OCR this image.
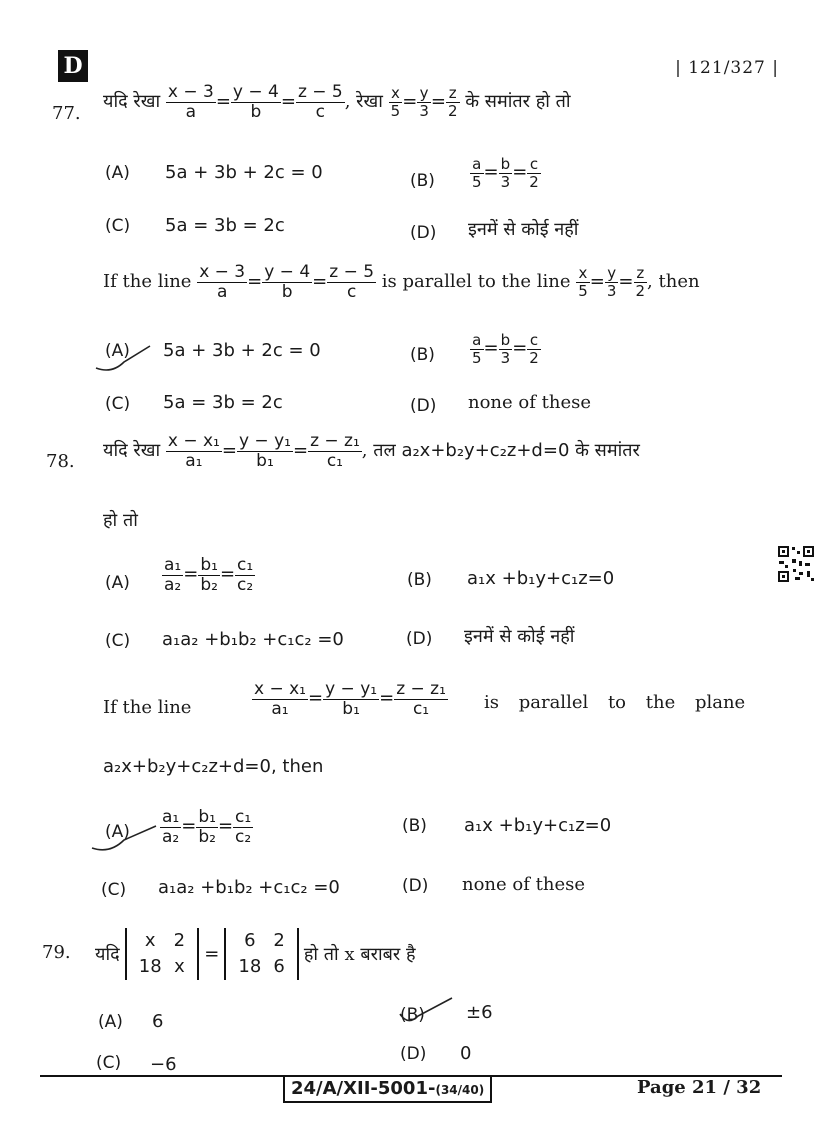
D	| 121/327 |
77.
यदि रेखा $\frac{x - 3}{a} = \frac{y - 4}{b} = \frac{z - 5}{c}$ , रेखा $\frac{x}{5} = \frac{y}{3} = \frac{z}{2}$ के समांतर हो तो
(A) 5a + 3b + 2c = 0	$(B) \frac{a}{5} = \frac{b}{3} = \frac{c}{2}$
(C) 5a = 3b = 2c	(D) इनमें से कोई नहीं
If the line $\frac{x - 3}{a} = \frac{y - 4}{b} = \frac{z - 5}{c}$ is parallel to the line $\frac{x}{5} = \frac{y}{3} = \frac{z}{2}$ , then
(A) 5a + 3b + 2c = 0	$(B) \frac{a}{5} = \frac{b}{3} = \frac{c}{2}$
(C) 5a = 3b = 2c	(D) none of these
78.
यदि रेखा $\frac{\text{x − x₁}}{\text{a₁}} = \frac{\text{y − y₁}}{\text{b₁}} = \frac{\text{z − z₁}}{\text{c₁}}$ , तल a₂x+b₂y+c₂z+d=0 के समांतर
हो तो
$(A) \frac{\text{a₁}}{\text{a₂}} = \frac{\text{b₁}}{\text{b₂}} = \frac{\text{c₁}}{\text{c₂}}$	(B) a₁x +b₁y+c₁z=0
(C) a₁a₂ +b₁b₂ +c₁c₂ =0	(D) इनमें से कोई नहीं
If the line	$\frac{\text{x − x₁}}{\text{a₁}} = \frac{\text{y − y₁}}{\text{b₁}} = \frac{\text{z − z₁}}{\text{c₁}}$ is parallel to the plane
a₂x+b₂y+c₂z+d=0, then
$(A) \frac{\text{a₁}}{\text{a₂}} = \frac{\text{b₁}}{\text{b₂}} = \frac{\text{c₁}}{\text{c₂}}$	(B) a₁x +b₁y+c₁z=0
(C) a₁a₂ +b₁b₂ +c₁c₂ =0	(D) none of these
79. यदि
x	2
18	x
=
6	2
18	6
हो तो x बराबर है
(A) 6	(B) ±6
(C) −6	(D) 0
24/A/XII-5001-(34/40)	Page 21 / 32
